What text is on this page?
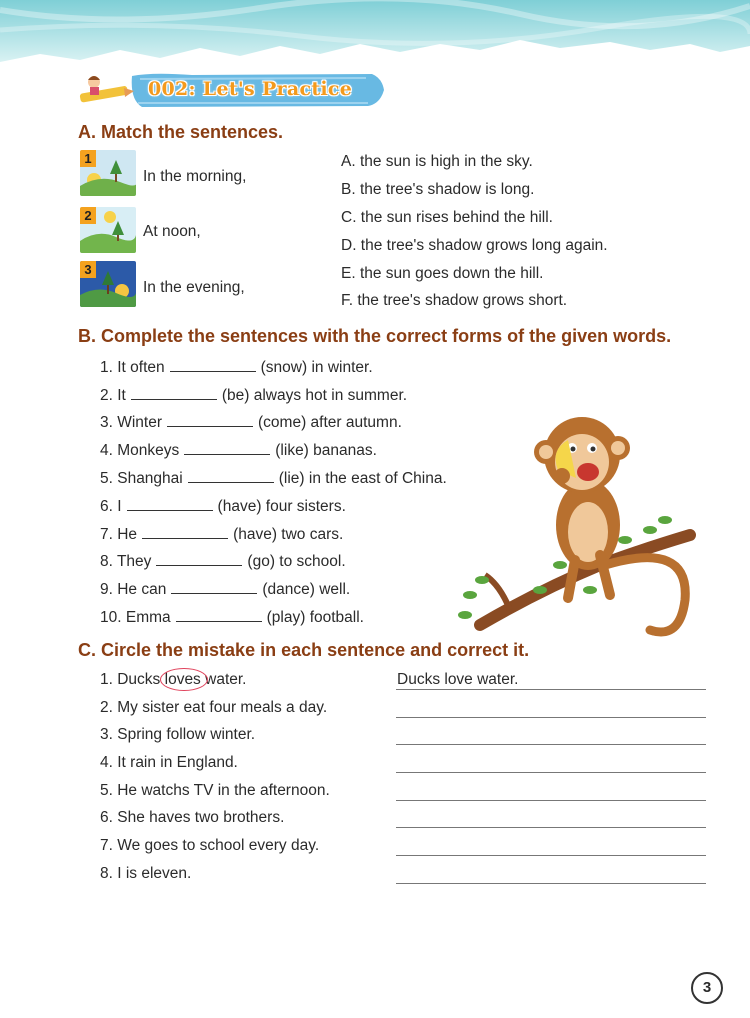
002: Let's Practice
A. Match the sentences.
1
In the morning,
2
At noon,
3
In the evening,
A. the sun is high in the sky.
B. the tree's shadow is long.
C. the sun rises behind the hill.
D. the tree's shadow grows long again.
E. the sun goes down the hill.
F. the tree's shadow grows short.
B. Complete the sentences with the correct forms of the given words.
1. It often	(snow) in winter.
2. It	(be) always hot in summer.
3. Winter	(come) after autumn.
4. Monkeys	(like) bananas.
5. Shanghai	(lie) in the east of China.
6. I	(have) four sisters.
7. He	(have) two cars.
8. They	(go) to school.
9. He can	(dance) well.
10. Emma	(play) football.
C. Circle the mistake in each sentence and correct it.
1. Ducks loves water.	Ducks love water.
2. My sister eat four meals a day.
3. Spring follow winter.
4. It rain in England.
5. He watchs TV in the afternoon.
6. She haves two brothers.
7. We goes to school every day.
8. I is eleven.
3
